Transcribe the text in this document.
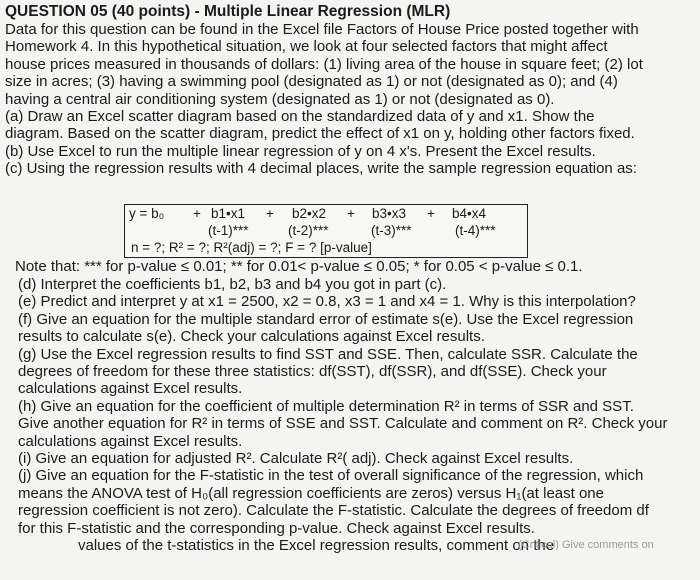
QUESTION 05 (40 points) - Multiple Linear Regression (MLR)
Data for this question can be found in the Excel file Factors of House Price posted together with
Homework 4. In this hypothetical situation, we look at four selected factors that might affect
house prices measured in thousands of dollars: (1) living area of the house in square feet; (2) lot
size in acres; (3) having a swimming pool (designated as 1) or not (designated as 0); and (4)
having a central air conditioning system (designated as 1) or not (designated as 0).
(a) Draw an Excel scatter diagram based on the standardized data of y and x1. Show the
diagram. Based on the scatter diagram, predict the effect of x1 on y, holding other factors fixed.
(b) Use Excel to run the multiple linear regression of y on 4 x's. Present the Excel results.
(c) Using the regression results with 4 decimal places, write the sample regression equation as:
y = b₀ + b1•x1 + b2•x2 + b3•x3 + b4•x4
(t-1)***	(t-2)***	(t-3)***	(t-4)***
n = ?; R² = ?; R²(adj) = ?; F = ? [p-value]
Note that: *** for p-value ≤ 0.01; ** for 0.01< p-value ≤ 0.05; * for 0.05 < p-value ≤ 0.1.

(d) Interpret the coefficients b1, b2, b3 and b4 you got in part (c).

(e) Predict and interpret y at x1 = 2500, x2 = 0.8, x3 = 1 and x4 = 1. Why is this interpolation?

(f) Give an equation for the multiple standard error of estimate s(e). Use the Excel regression

results to calculate s(e). Check your calculations against Excel results.

(g) Use the Excel regression results to find SST and SSE. Then, calculate SSR. Calculate the

degrees of freedom for these three statistics: df(SST), df(SSR), and df(SSE). Check your

calculations against Excel results.

(h) Give an equation for the coefficient of multiple determination R² in terms of SSR and SST.

Give another equation for R² in terms of SSE and SST. Calculate and comment on R². Check your

calculations against Excel results.

(i) Give an equation for adjusted R². Calculate R²( adj). Check against Excel results.

(j) Give an equation for the F-statistic in the test of overall significance of the regression, which

means the ANOVA test of H₀(all regression coefficients are zeros) versus H₁(at least one

regression coefficient is not zero). Calculate the F-statistic. Calculate the degrees of freedom df

for this F-statistic and the corresponding p-value. Check against Excel results.

values of the t-statistics in the Excel regression results, comment on the
(Critical) Give comments on
